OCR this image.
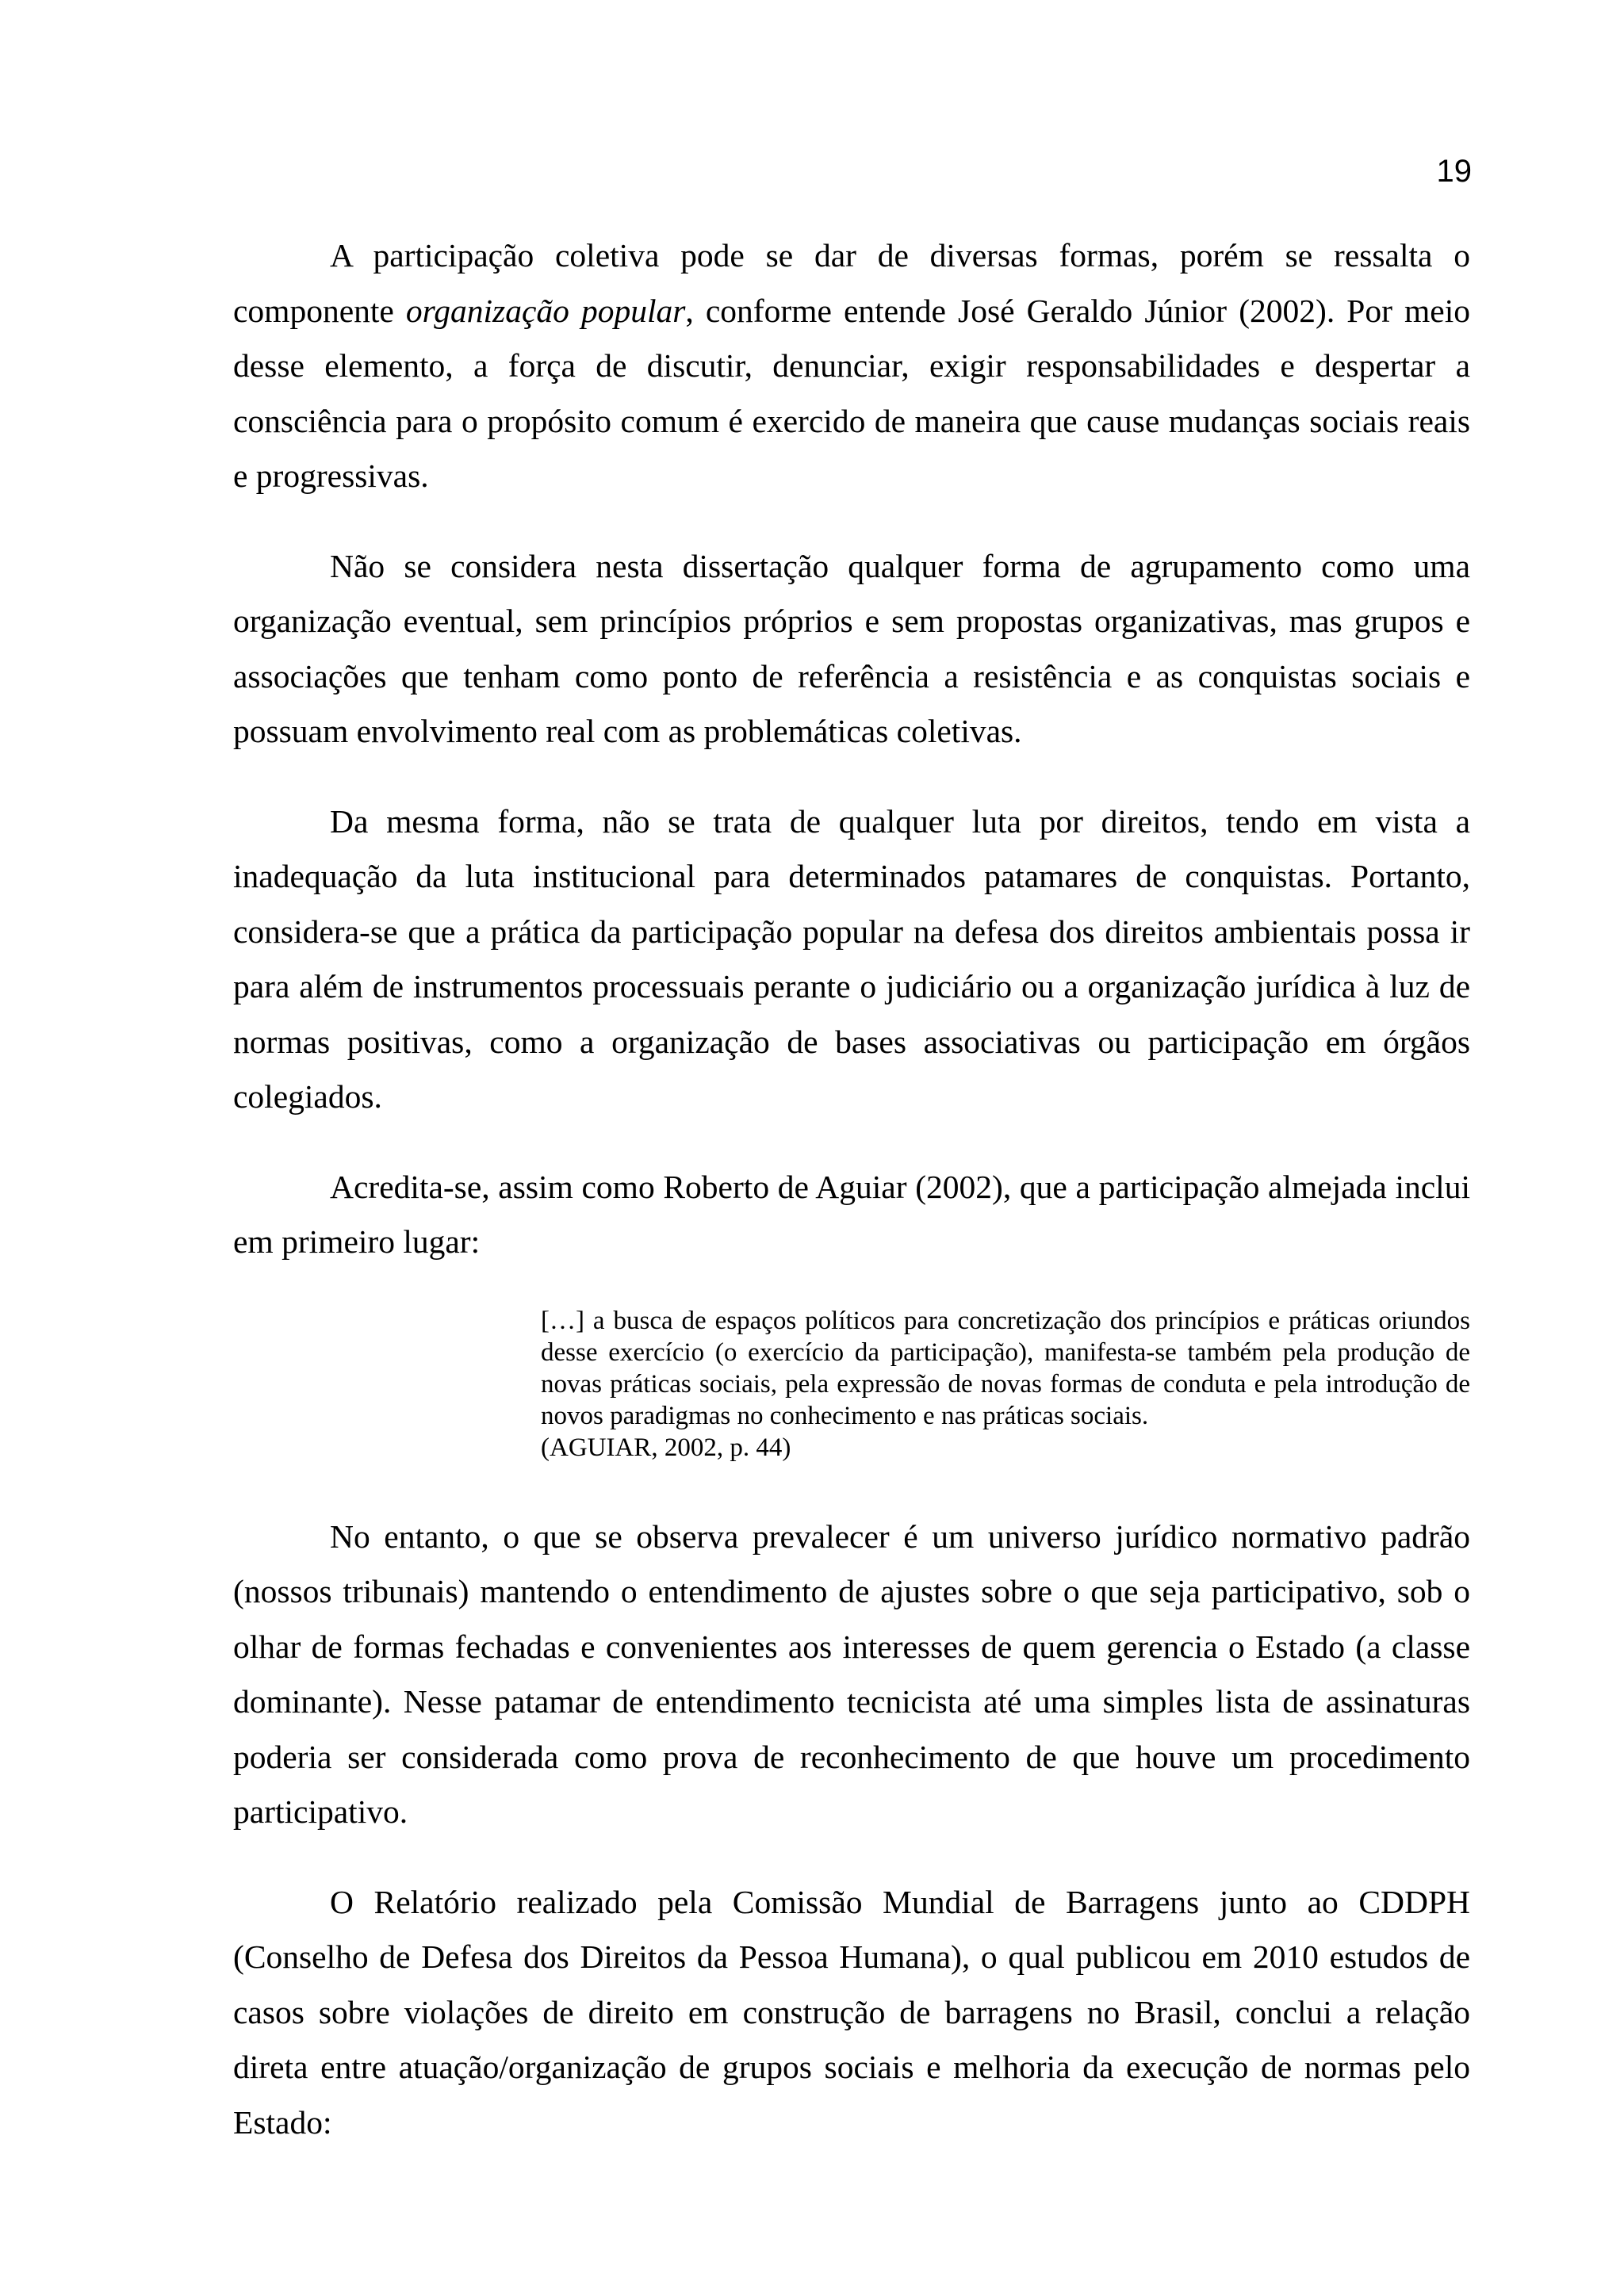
19

A participação coletiva pode se dar de diversas formas, porém se ressalta o componente organização popular, conforme entende José Geraldo Júnior (2002). Por meio desse elemento, a força de discutir, denunciar, exigir responsabilidades e despertar a consciência para o propósito comum é exercido de maneira que cause mudanças sociais reais e progressivas.

Não se considera nesta dissertação qualquer forma de agrupamento como uma organização eventual, sem princípios próprios e sem propostas organizativas, mas grupos e associações que tenham como ponto de referência a resistência e as conquistas sociais e possuam envolvimento real com as problemáticas coletivas.

Da mesma forma, não se trata de qualquer luta por direitos, tendo em vista a inadequação da luta institucional para determinados patamares de conquistas. Portanto, considera-se que a prática da participação popular na defesa dos direitos ambientais possa ir para além de instrumentos processuais perante o judiciário ou a organização jurídica à luz de normas positivas, como a organização de bases associativas ou participação em órgãos colegiados.

Acredita-se, assim como Roberto de Aguiar (2002), que a participação almejada inclui em primeiro lugar:

[…] a busca de espaços políticos para concretização dos princípios e práticas oriundos desse exercício (o exercício da participação), manifesta-se também pela produção de novas práticas sociais, pela expressão de novas formas de conduta e pela introdução de novos paradigmas no conhecimento e nas práticas sociais.
(AGUIAR, 2002, p. 44)

No entanto, o que se observa prevalecer é um universo jurídico normativo padrão (nossos tribunais) mantendo o entendimento de ajustes sobre o que seja participativo, sob o olhar de formas fechadas e convenientes aos interesses de quem gerencia o Estado (a classe dominante). Nesse patamar de entendimento tecnicista até uma simples lista de assinaturas poderia ser considerada como prova de reconhecimento de que houve um procedimento participativo.

O Relatório realizado pela Comissão Mundial de Barragens junto ao CDDPH (Conselho de Defesa dos Direitos da Pessoa Humana), o qual publicou em 2010 estudos de casos sobre violações de direito em construção de barragens no Brasil, conclui a relação direta entre atuação/organização de grupos sociais e melhoria da execução de normas pelo Estado:
